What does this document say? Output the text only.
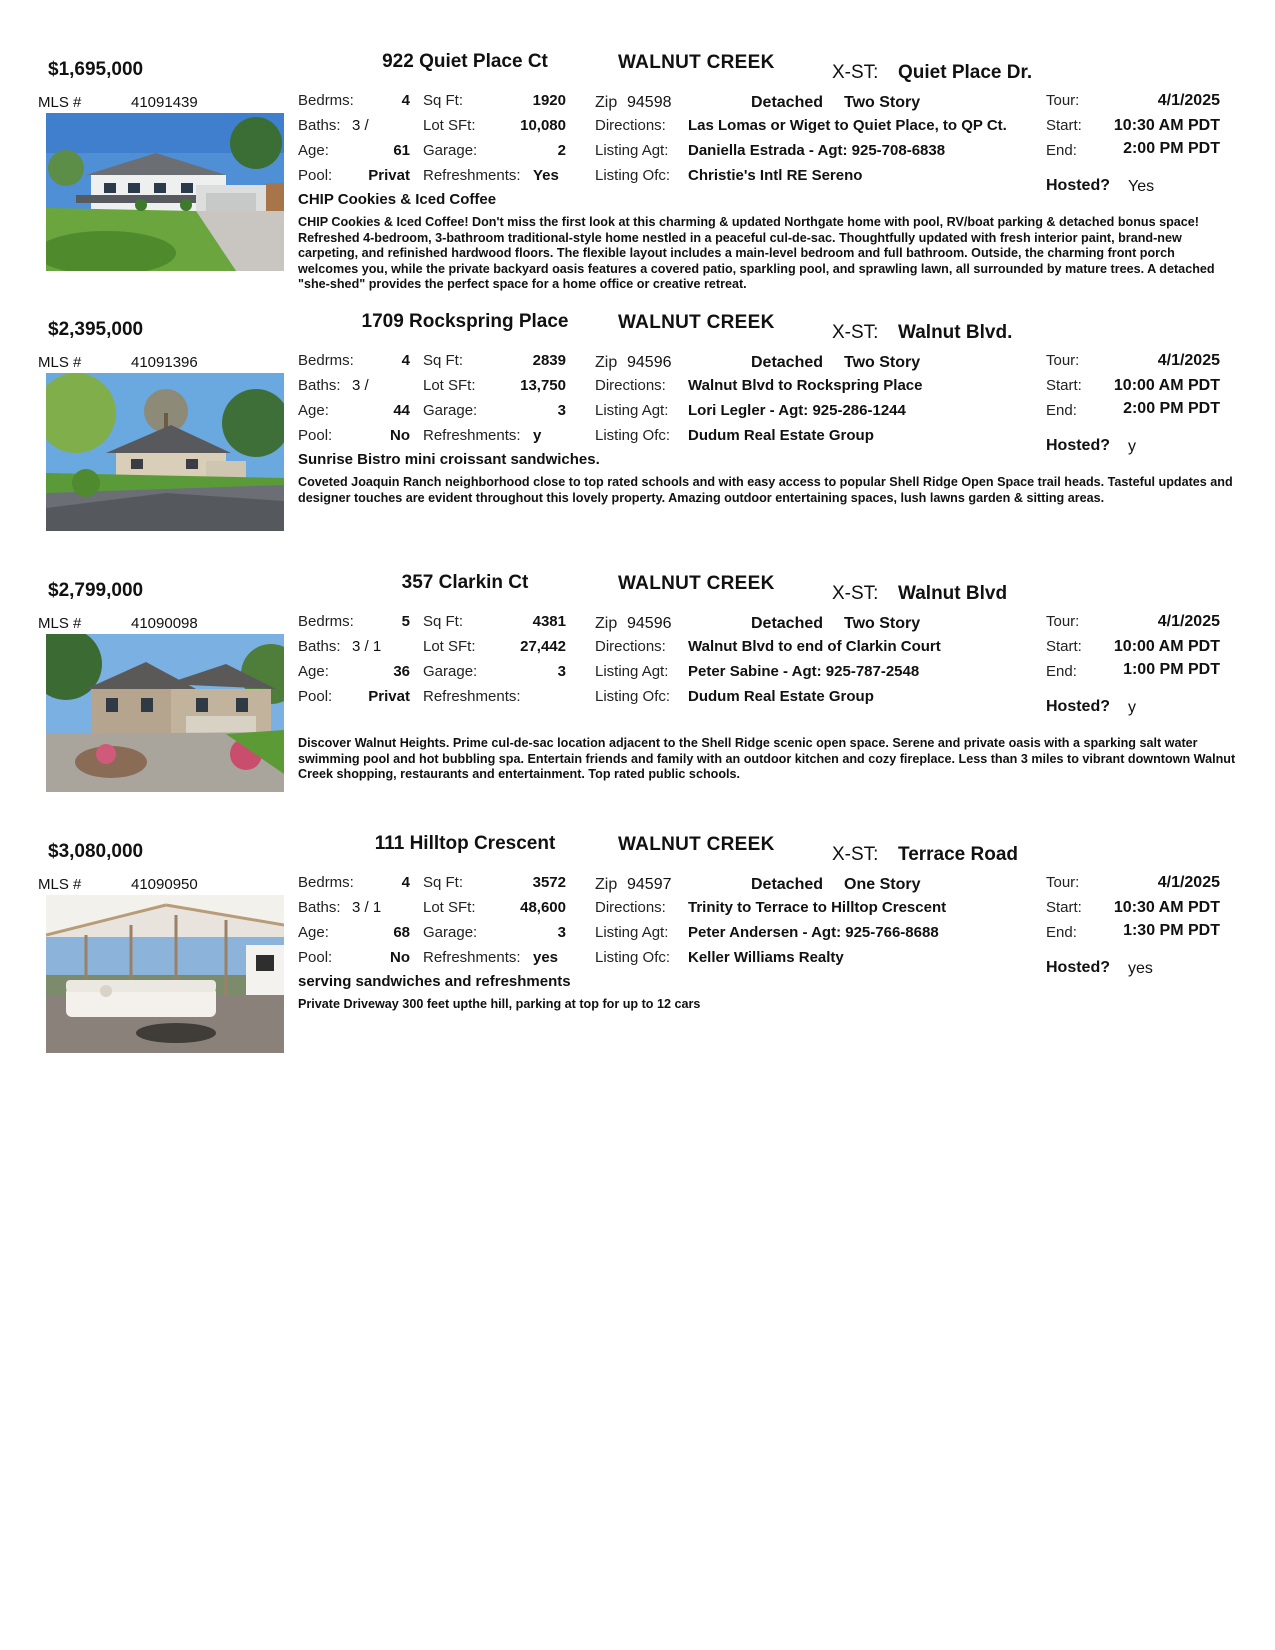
$1,695,000	922 Quiet Place Ct	WALNUT CREEK	X-ST: Quiet Place Dr.
MLS #	41091439	Bedrms:	4
Baths: 3 /
Age:	61
Pool:	Privat
Sq Ft:	1920
Lot SFt:	10,080
Garage:	2
Refreshments: Yes
Zip 94598	Detached Two Story
Directions: Las Lomas or Wiget to Quiet Place, to QP Ct.
Listing Agt: Daniella Estrada - Agt: 925-708-6838
Listing Ofc: Christie's Intl RE Sereno
Tour:	4/1/2025
Start:	10:30 AM PDT
End:	2:00 PM PDT
Hosted? Yes
CHIP Cookies & Iced Coffee
CHIP Cookies & Iced Coffee! Don't miss the first look at this charming & updated Northgate home with pool, RV/boat parking & detached bonus space! Refreshed 4-bedroom, 3-bathroom traditional-style home nestled in a peaceful cul-de-sac. Thoughtfully updated with fresh interior paint, brand-new carpeting, and refinished hardwood floors. The flexible layout includes a main-level bedroom and full bathroom. Outside, the charming front porch welcomes you, while the private backyard oasis features a covered patio, sparkling pool, and sprawling lawn, all surrounded by mature trees. A detached "she-shed" provides the perfect space for a home office or creative retreat.
$2,395,000	1709 Rockspring Place	WALNUT CREEK	X-ST: Walnut Blvd.
MLS #	41091396	Bedrms:	4
Baths: 3 /
Age:	44
Pool:	No
Sq Ft:	2839
Lot SFt:	13,750
Garage:	3
Refreshments: y
Zip 94596	Detached Two Story
Directions: Walnut Blvd to Rockspring Place
Listing Agt: Lori Legler - Agt: 925-286-1244
Listing Ofc: Dudum Real Estate Group
Tour:	4/1/2025
Start:	10:00 AM PDT
End:	2:00 PM PDT
Hosted? y
Sunrise Bistro mini croissant sandwiches.
Coveted Joaquin Ranch neighborhood close to top rated schools and with easy access to popular Shell Ridge Open Space trail heads. Tasteful updates and designer touches are evident throughout this lovely property. Amazing outdoor entertaining spaces, lush lawns garden & sitting areas.
$2,799,000	357 Clarkin Ct	WALNUT CREEK	X-ST: Walnut Blvd
MLS #	41090098	Bedrms:	5
Baths: 3 / 1
Age:	36
Pool:	Privat
Sq Ft:	4381
Lot SFt:	27,442
Garage:	3
Refreshments:
Zip 94596	Detached Two Story
Directions: Walnut Blvd to end of Clarkin Court
Listing Agt: Peter Sabine - Agt: 925-787-2548
Listing Ofc: Dudum Real Estate Group
Tour:	4/1/2025
Start:	10:00 AM PDT
End:	1:00 PM PDT
Hosted? y
Discover Walnut Heights. Prime cul-de-sac location adjacent to the Shell Ridge scenic open space. Serene and private oasis with a sparking salt water swimming pool and hot bubbling spa. Entertain friends and family with an outdoor kitchen and cozy fireplace. Less than 3 miles to vibrant downtown Walnut Creek shopping, restaurants and entertainment. Top rated public schools.
$3,080,000	111 Hilltop Crescent	WALNUT CREEK	X-ST: Terrace Road
MLS #	41090950	Bedrms:	4
Baths: 3 / 1
Age:	68
Pool:	No
Sq Ft:	3572
Lot SFt:	48,600
Garage:	3
Refreshments: yes
Zip 94597	Detached One Story
Directions: Trinity to Terrace to Hilltop Crescent
Listing Agt: Peter Andersen - Agt: 925-766-8688
Listing Ofc: Keller Williams Realty
Tour:	4/1/2025
Start:	10:30 AM PDT
End:	1:30 PM PDT
Hosted? yes
serving sandwiches and refreshments
Private Driveway 300 feet upthe hill, parking at top for up to 12 cars
